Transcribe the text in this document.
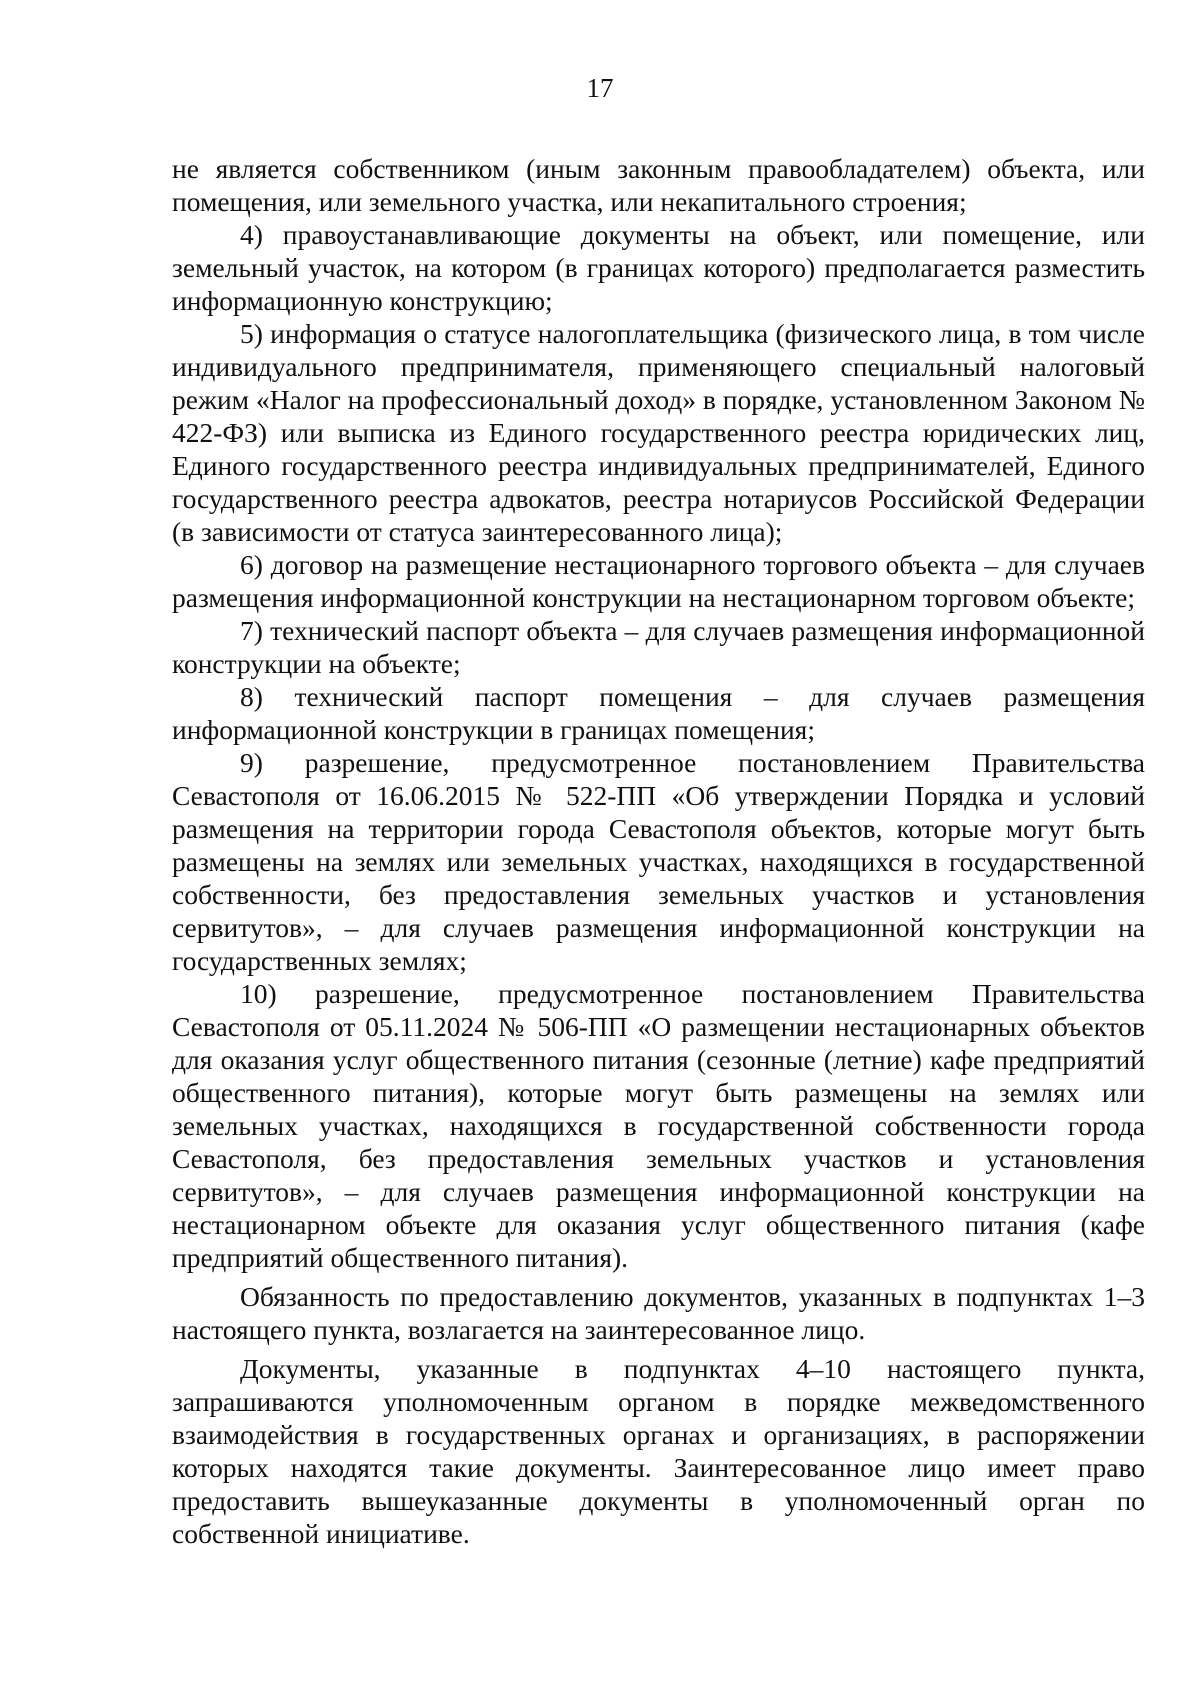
17

не является собственником (иным законным правообладателем) объекта, или помещения, или земельного участка, или некапитального строения;

4) правоустанавливающие документы на объект, или помещение, или земельный участок, на котором (в границах которого) предполагается разместить информационную конструкцию;

5) информация о статусе налогоплательщика (физического лица, в том числе индивидуального предпринимателя, применяющего специальный налоговый режим «Налог на профессиональный доход» в порядке, установленном Законом № 422-ФЗ) или выписка из Единого государственного реестра юридических лиц, Единого государственного реестра индивидуальных предпринимателей, Единого государственного реестра адвокатов, реестра нотариусов Российской Федерации (в зависимости от статуса заинтересованного лица);

6) договор на размещение нестационарного торгового объекта – для случаев размещения информационной конструкции на нестационарном торговом объекте;

7) технический паспорт объекта – для случаев размещения информационной конструкции на объекте;

8) технический паспорт помещения – для случаев размещения информационной конструкции в границах помещения;

9) разрешение, предусмотренное постановлением Правительства Севастополя от 16.06.2015 № 522-ПП «Об утверждении Порядка и условий размещения на территории города Севастополя объектов, которые могут быть размещены на землях или земельных участках, находящихся в государственной собственности, без предоставления земельных участков и установления сервитутов», – для случаев размещения информационной конструкции на государственных землях;

10) разрешение, предусмотренное постановлением Правительства Севастополя от 05.11.2024 № 506-ПП «О размещении нестационарных объектов для оказания услуг общественного питания (сезонные (летние) кафе предприятий общественного питания), которые могут быть размещены на землях или земельных участках, находящихся в государственной собственности города Севастополя, без предоставления земельных участков и установления сервитутов», – для случаев размещения информационной конструкции на нестационарном объекте для оказания услуг общественного питания (кафе предприятий общественного питания).

Обязанность по предоставлению документов, указанных в подпунктах 1–3 настоящего пункта, возлагается на заинтересованное лицо.

Документы, указанные в подпунктах 4–10 настоящего пункта, запрашиваются уполномоченным органом в порядке межведомственного взаимодействия в государственных органах и организациях, в распоряжении которых находятся такие документы. Заинтересованное лицо имеет право предоставить вышеуказанные документы в уполномоченный орган по собственной инициативе.
